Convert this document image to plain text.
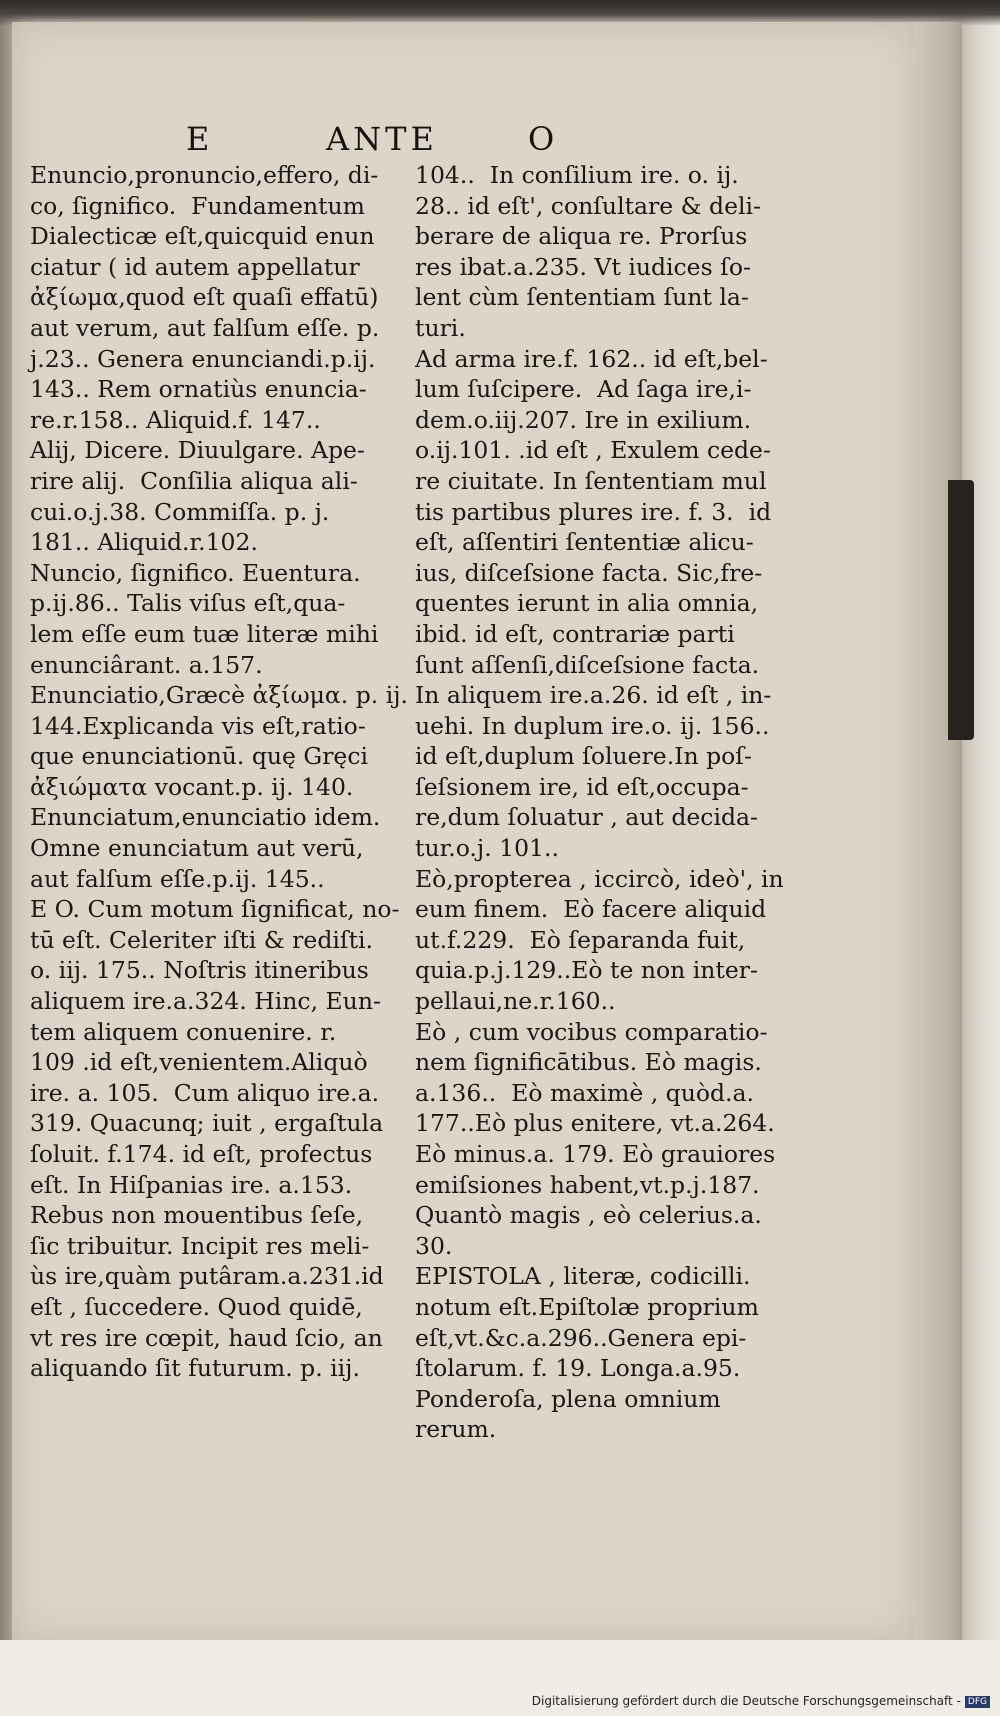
E	ANTE	O
Enuncio,pronuncio,effero, di-
co, ſignifico.  Fundamentum
Dialecticæ eſt,quicquid enun
ciatur ( id autem appellatur
ἀξίωμα,quod eſt quaſi effatū)
aut verum, aut falſum eſſe. p.
j.23.. Genera enunciandi.p.ij.
143.. Rem ornatiùs enuncia-
re.r.158.. Aliquid.f. 147..
Alij, Dicere. Diuulgare. Ape-
rire alij.  Conſilia aliqua ali-
cui.o.j.38. Commiſſa. p. j.
181.. Aliquid.r.102.
Nuncio, ſignifico. Euentura.
p.ij.86.. Talis viſus eſt,qua-
lem eſſe eum tuæ literæ mihi
enunciârant. a.157.
Enunciatio,Græcè ἀξίωμα. p. ij.
144.Explicanda vis eſt,ratio-
que enunciationū. quę Gręci
ἀξιώματα vocant.p. ij. 140.
Enunciatum,enunciatio idem.
Omne enunciatum aut verū,
aut falſum eſſe.p.ij. 145..
E O. Cum motum ſignificat, no-
tū eſt. Celeriter iſti & rediſti.
o. iij. 175.. Noſtris itineribus
aliquem ire.a.324. Hinc, Eun-
tem aliquem conuenire. r.
109 .id eſt,venientem.Aliquò
ire. a. 105.  Cum aliquo ire.a.
319. Quacunq; iuit , ergaſtula
ſoluit. f.174. id eſt, profectus
eſt. In Hiſpanias ire. a.153.
Rebus non mouentibus ſeſe,
ſic tribuitur. Incipit res meli-
ùs ire,quàm putâram.a.231.id
eſt , ſuccedere. Quod quidē,
vt res ire cœpit, haud ſcio, an
aliquando ſit futurum. p. iij.
104..  In conſilium ire. o. ij.
28.. id eſt', conſultare & deli-
berare de aliqua re. Prorſus
res ibat.a.235. Vt iudices ſo-
lent cùm ſententiam ſunt la-
turi.
Ad arma ire.f. 162.. id eſt,bel-
lum ſuſcipere.  Ad ſaga ire,i-
dem.o.iij.207. Ire in exilium.
o.ij.101. .id eſt , Exulem cede-
re ciuitate. In ſententiam mul
tis partibus plures ire. f. 3.  id
eſt, aſſentiri ſententiæ alicu-
ius, diſceſsione facta. Sic,fre-
quentes ierunt in alia omnia,
ibid. id eſt, contrariæ parti
ſunt aſſenſi,diſceſsione facta.
In aliquem ire.a.26. id eſt , in-
uehi. In duplum ire.o. ij. 156..
id eſt,duplum ſoluere.In poſ-
ſeſsionem ire, id eſt,occupa-
re,dum ſoluatur , aut decida-
tur.o.j. 101..
Eò,propterea , iccircò, ideò', in
eum finem.  Eò facere aliquid
ut.f.229.  Eò ſeparanda fuit,
quia.p.j.129..Eò te non inter-
pellaui,ne.r.160..
Eò , cum vocibus comparatio-
nem ſignificātibus. Eò magis.
a.136..  Eò maximè , quòd.a.
177..Eò plus enitere, vt.a.264.
Eò minus.a. 179. Eò grauiores
emiſsiones habent,vt.p.j.187.
Quantò magis , eò celerius.a.
30.
EPISTOLA , literæ, codicilli.
notum eſt.Epiſtolæ proprium
eſt,vt.&c.a.296..Genera epi-
ſtolarum. f. 19. Longa.a.95.
Ponderoſa, plena omnium
rerum.
Digitalisierung gefördert durch die Deutsche Forschungsgemeinschaft - DFG
